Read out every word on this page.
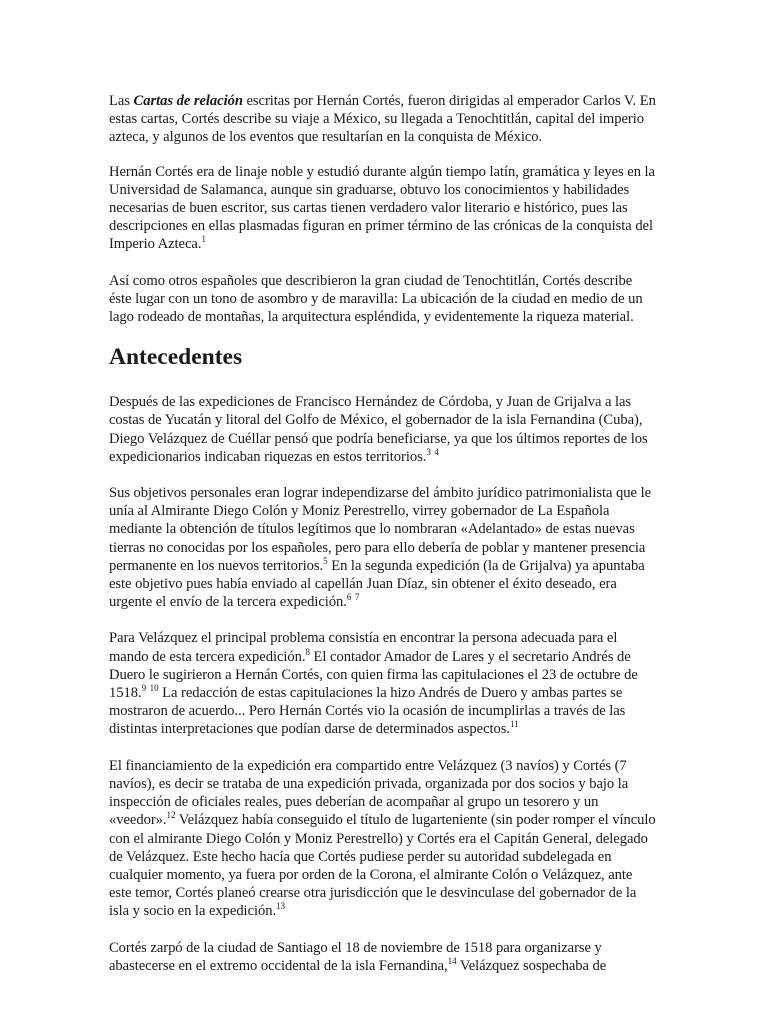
Las Cartas de relación escritas por Hernán Cortés, fueron dirigidas al emperador Carlos V. En estas cartas, Cortés describe su viaje a México, su llegada a Tenochtitlán, capital del imperio azteca, y algunos de los eventos que resultarían en la conquista de México.

Hernán Cortés era de linaje noble y estudió durante algún tiempo latín, gramática y leyes en la Universidad de Salamanca, aunque sin graduarse, obtuvo los conocimientos y habilidades necesarias de buen escritor, sus cartas tienen verdadero valor literario e histórico, pues las descripciones en ellas plasmadas figuran en primer término de las crónicas de la conquista del Imperio Azteca.$^1$

Así como otros españoles que describieron la gran ciudad de Tenochtitlán, Cortés describe éste lugar con un tono de asombro y de maravilla: La ubicación de la ciudad en medio de un lago rodeado de montañas, la arquitectura espléndida, y evidentemente la riqueza material.

Antecedentes

Después de las expediciones de Francisco Hernández de Córdoba, y Juan de Grijalva a las costas de Yucatán y litoral del Golfo de México, el gobernador de la isla Fernandina (Cuba), Diego Velázquez de Cuéllar pensó que podría beneficiarse, ya que los últimos reportes de los expedicionarios indicaban riquezas en estos territorios.$^3$ $^4$

Sus objetivos personales eran lograr independizarse del ámbito jurídico patrimonialista que le unía al Almirante Diego Colón y Moniz Perestrello, virrey gobernador de La Española mediante la obtención de títulos legítimos que lo nombraran «Adelantado» de estas nuevas tierras no conocidas por los españoles, pero para ello debería de poblar y mantener presencia permanente en los nuevos territorios.$^5$ En la segunda expedición (la de Grijalva) ya apuntaba este objetivo pues había enviado al capellán Juan Díaz, sin obtener el éxito deseado, era urgente el envío de la tercera expedición.$^6$ $^7$

Para Velázquez el principal problema consistía en encontrar la persona adecuada para el mando de esta tercera expedición.$^8$ El contador Amador de Lares y el secretario Andrés de Duero le sugirieron a Hernán Cortés, con quien firma las capitulaciones el 23 de octubre de 1518.$^9$ $^{10}$ La redacción de estas capitulaciones la hizo Andrés de Duero y ambas partes se mostraron de acuerdo... Pero Hernán Cortés vio la ocasión de incumplirlas a través de las distintas interpretaciones que podían darse de determinados aspectos.$^{11}$

El financiamiento de la expedición era compartido entre Velázquez (3 navíos) y Cortés (7 navíos), es decir se trataba de una expedición privada, organizada por dos socios y bajo la inspección de oficiales reales, pues deberían de acompañar al grupo un tesorero y un «veedor».$^{12}$ Velázquez había conseguido el título de lugarteniente (sin poder romper el vínculo con el almirante Diego Colón y Moniz Perestrello) y Cortés era el Capitán General, delegado de Velázquez. Este hecho hacía que Cortés pudiese perder su autoridad subdelegada en cualquier momento, ya fuera por orden de la Corona, el almirante Colón o Velázquez, ante este temor, Cortés planeó crearse otra jurisdicción que le desvinculase del gobernador de la isla y socio en la expedición.$^{13}$

Cortés zarpó de la ciudad de Santiago el 18 de noviembre de 1518 para organizarse y abastecerse en el extremo occidental de la isla Fernandina,$^{14}$ Velázquez sospechaba de
